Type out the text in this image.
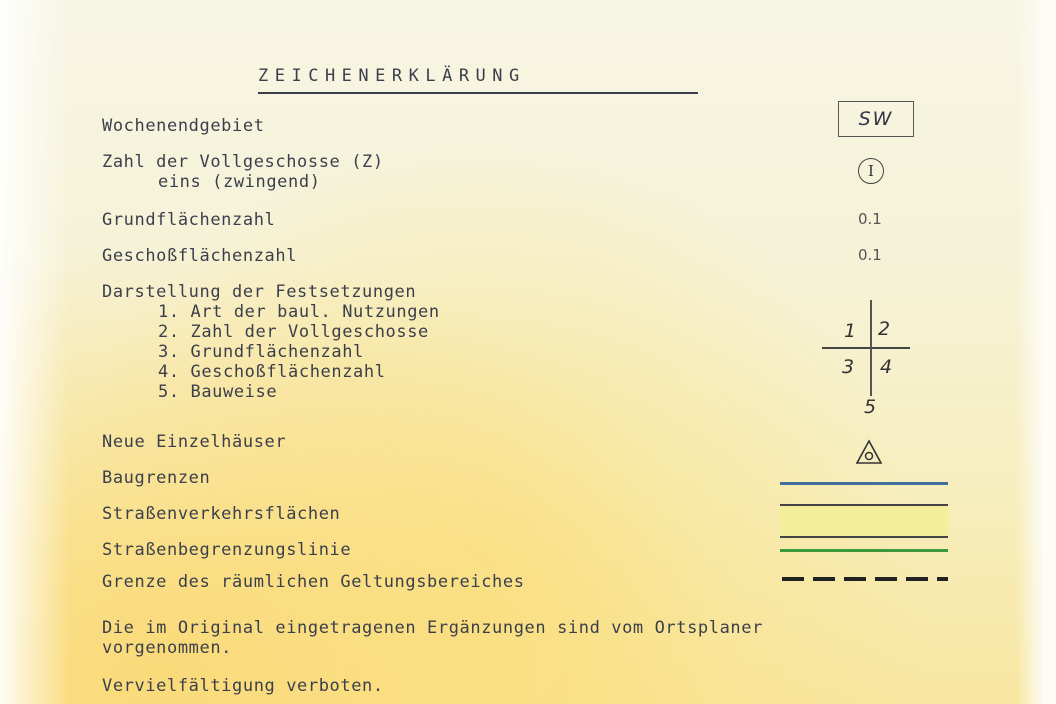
ZEICHENERKLÄRUNG
Wochenendgebiet
Zahl der Vollgeschosse (Z)
eins (zwingend)
Grundflächenzahl
Geschoßflächenzahl
Darstellung der Festsetzungen
1. Art der baul. Nutzungen
2. Zahl der Vollgeschosse
3. Grundflächenzahl
4. Geschoßflächenzahl
5. Bauweise
Neue Einzelhäuser
Baugrenzen
Straßenverkehrsflächen
Straßenbegrenzungslinie
Grenze des räumlichen Geltungsbereiches
Die im Original eingetragenen Ergänzungen sind vom Ortsplaner
vorgenommen.
Vervielfältigung verboten.
SW
I
0.1
0.1
1 2
3 4
5
